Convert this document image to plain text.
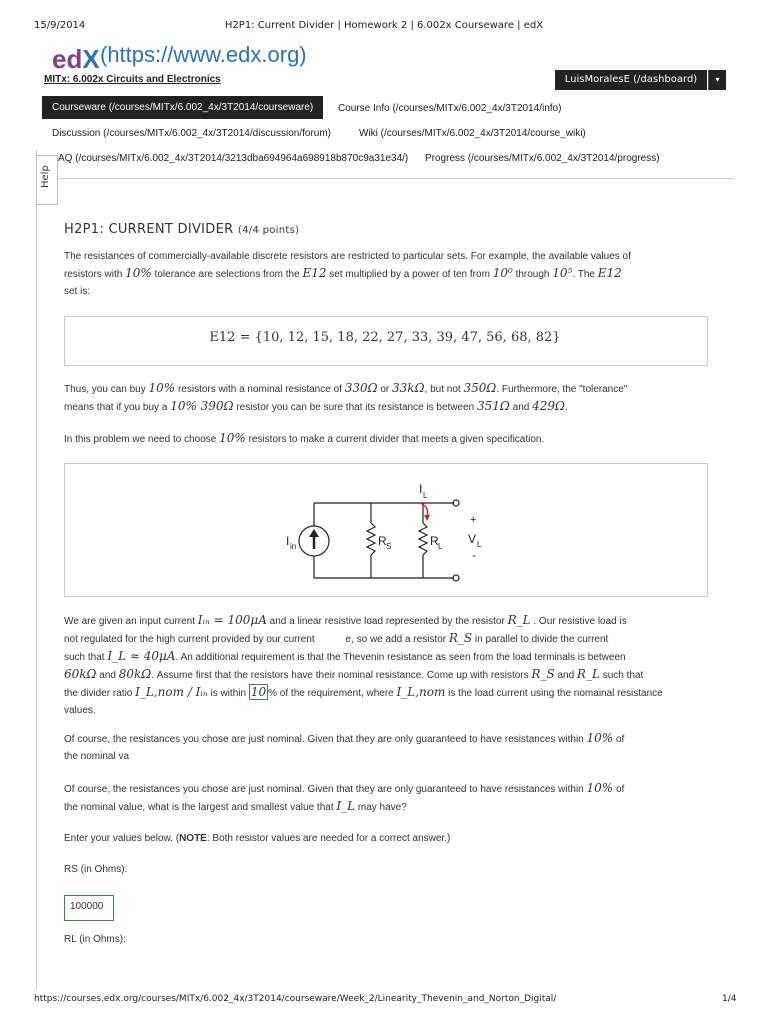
15/9/2014	H2P1: Current Divider | Homework 2 | 6.002x Courseware | edX
edX (https://www.edx.org)
MITx: 6.002x Circuits and Electronics	LuisMoralesE (/dashboard)	▾
Courseware (/courses/MITx/6.002_4x/3T2014/courseware)	Course Info (/courses/MITx/6.002_4x/3T2014/info)
Discussion (/courses/MITx/6.002_4x/3T2014/discussion/forum)	Wiki (/courses/MITx/6.002_4x/3T2014/course_wiki)
AQ (/courses/MITx/6.002_4x/3T2014/3213dba694964a698918b870c9a31e34/) Progress (/courses/MITx/6.002_4x/3T2014/progress)
Help
H2P1: CURRENT DIVIDER (4/4 points)
The resistances of commercially-available discrete resistors are restricted to particular sets. For example, the available values of
resistors with 10% tolerance are selections from the E12 set multiplied by a power of ten from 10⁰ through 10⁵. The E12
set is:
E12 = {10, 12, 15, 18, 22, 27, 33, 39, 47, 56, 68, 82}
Thus, you can buy 10% resistors with a nominal resistance of 330Ω or 33kΩ, but not 350Ω. Furthermore, the "tolerance"
means that if you buy a 10% 390Ω resistor you can be sure that its resistance is between 351Ω and 429Ω.
In this problem we need to choose 10% resistors to make a current divider that meets a given specification.
I in	R S	R L
I L
+
V L
-
We are given an input current Iᵢₙ = 100μA and a linear resistive load represented by the resistor R_L . Our resistive load is
not regulated for the high current provided by our current	e, so we add a resistor R_S in parallel to divide the current
such that I_L ≈ 40μA. An additional requirement is that the Thevenin resistance as seen from the load terminals is between
60kΩ and 80kΩ. Assume first that the resistors have their nominal resistance. Come up with resistors R_S and R_L such that
the divider ratio I_L,nom / Iᵢₙ is within 10 % of the requirement, where I_L,nom is the load current using the nomainal resistance
values.
Of course, the resistances you chose are just nominal. Given that they are only guaranteed to have resistances within 10% of
the nominal va
Of course, the resistances you chose are just nominal. Given that they are only guaranteed to have resistances within 10% of
the nominal value, what is the largest and smallest value that I_L may have?
Enter your values below. (NOTE: Both resistor values are needed for a correct answer.)
RS (in Ohms):
100000
RL (in Ohms):
https://courses.edx.org/courses/MITx/6.002_4x/3T2014/courseware/Week_2/Linearity_Thevenin_and_Norton_Digital/	1/4
